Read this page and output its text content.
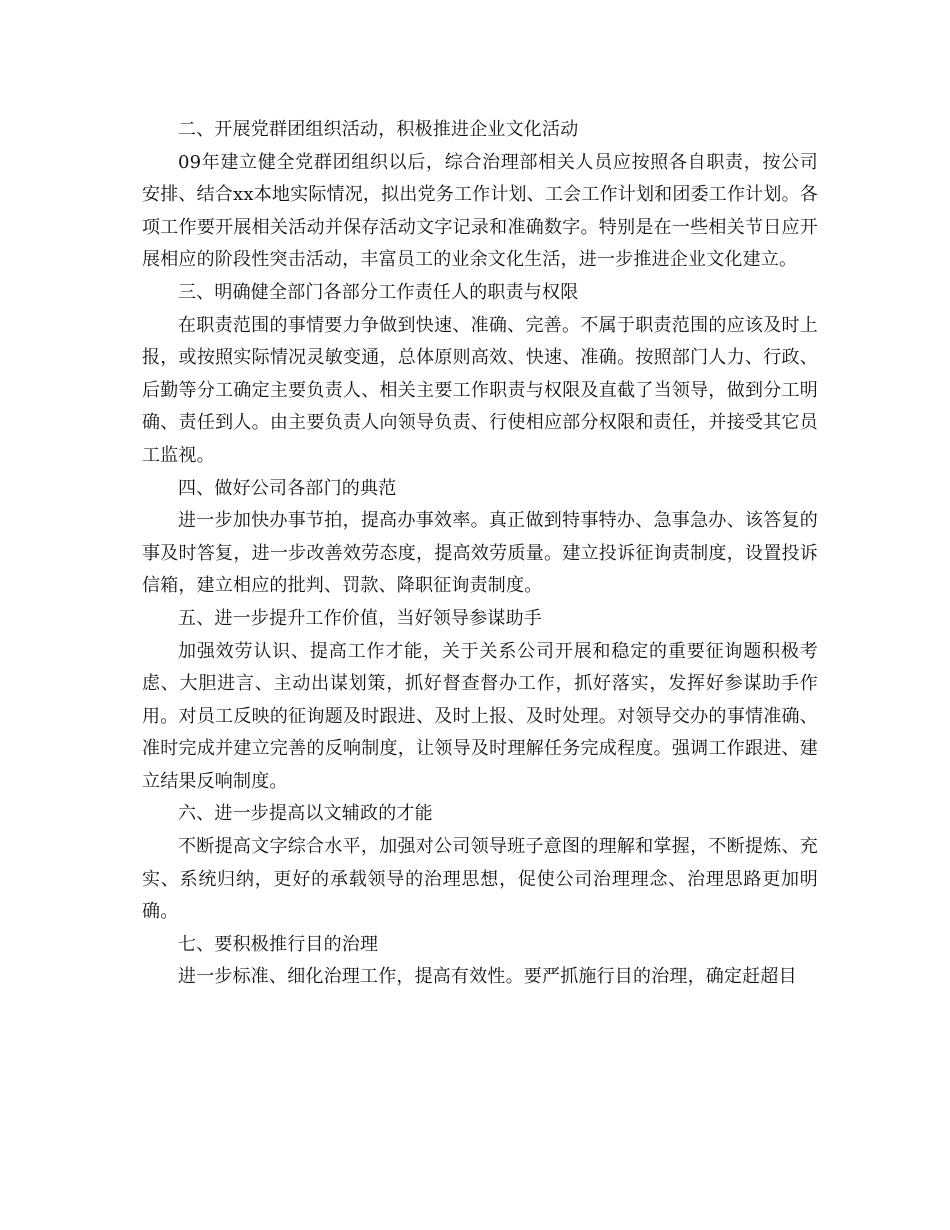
二、开展党群团组织活动，积极推进企业文化活动

09年建立健全党群团组织以后，综合治理部相关人员应按照各自职责，按公司安排、结合xx本地实际情况，拟出党务工作计划、工会工作计划和团委工作计划。各项工作要开展相关活动并保存活动文字记录和准确数字。特别是在一些相关节日应开展相应的阶段性突击活动，丰富员工的业余文化生活，进一步推进企业文化建立。

三、明确健全部门各部分工作责任人的职责与权限

在职责范围的事情要力争做到快速、准确、完善。不属于职责范围的应该及时上报，或按照实际情况灵敏变通，总体原则高效、快速、准确。按照部门人力、行政、后勤等分工确定主要负责人、相关主要工作职责与权限及直截了当领导，做到分工明确、责任到人。由主要负责人向领导负责、行使相应部分权限和责任，并接受其它员工监视。

四、做好公司各部门的典范

进一步加快办事节拍，提高办事效率。真正做到特事特办、急事急办、该答复的事及时答复，进一步改善效劳态度，提高效劳质量。建立投诉征询责制度，设置投诉信箱，建立相应的批判、罚款、降职征询责制度。

五、进一步提升工作价值，当好领导参谋助手

加强效劳认识、提高工作才能，关于关系公司开展和稳定的重要征询题积极考虑、大胆进言、主动出谋划策，抓好督查督办工作，抓好落实，发挥好参谋助手作用。对员工反映的征询题及时跟进、及时上报、及时处理。对领导交办的事情准确、准时完成并建立完善的反响制度，让领导及时理解任务完成程度。强调工作跟进、建立结果反响制度。

六、进一步提高以文辅政的才能

不断提高文字综合水平，加强对公司领导班子意图的理解和掌握，不断提炼、充实、系统归纳，更好的承载领导的治理思想，促使公司治理理念、治理思路更加明确。

七、要积极推行目的治理

进一步标准、细化治理工作，提高有效性。要严抓施行目的治理，确定赶超目
